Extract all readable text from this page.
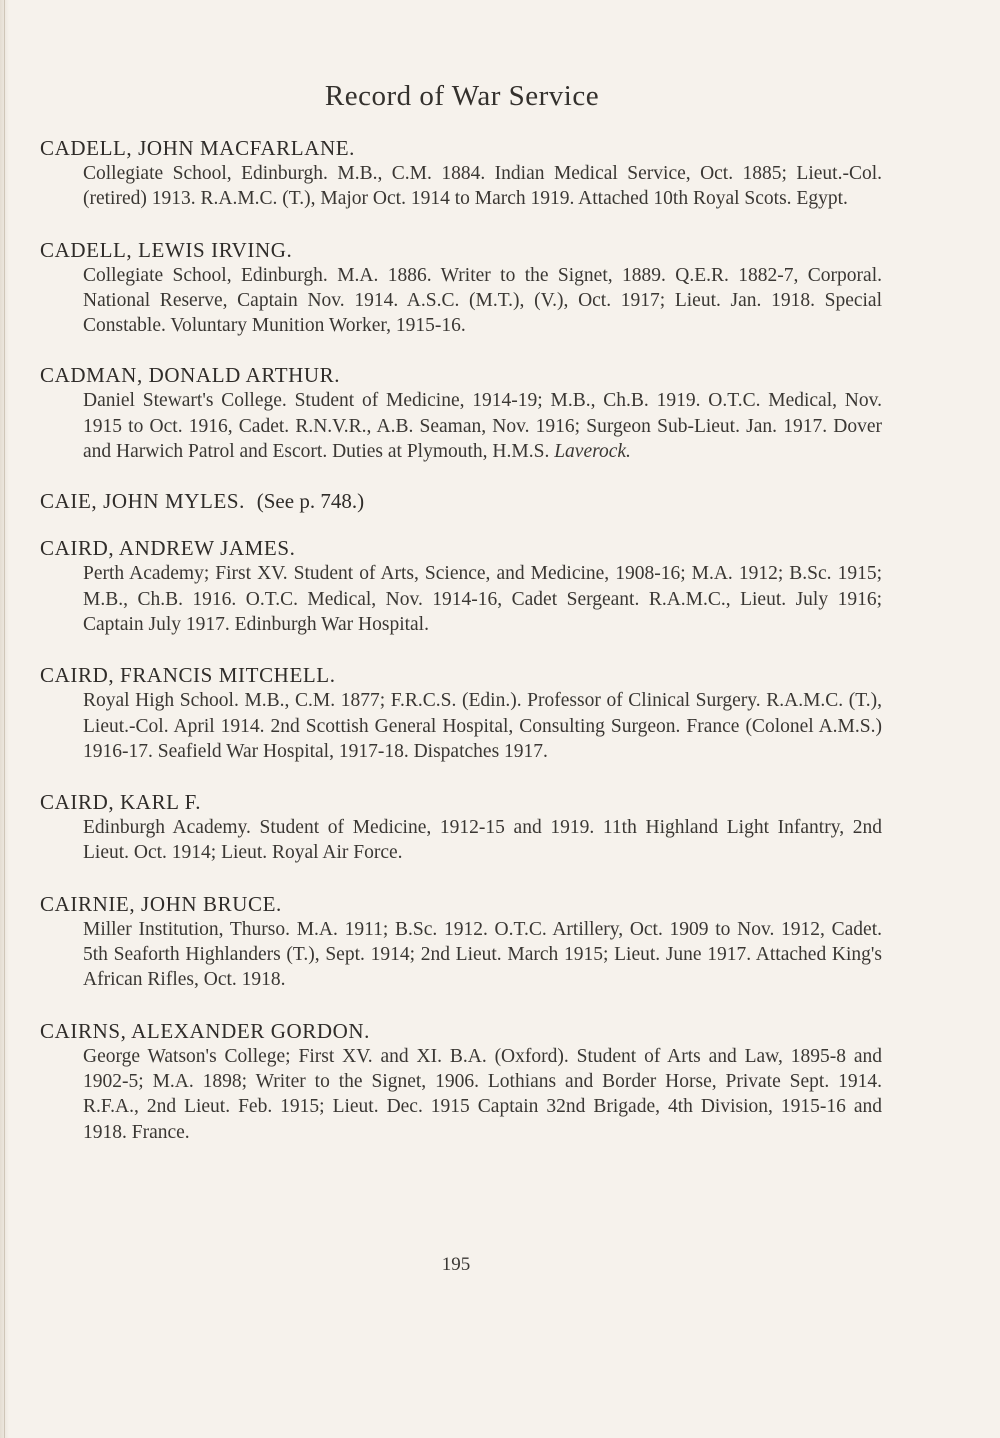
Record of War Service
CADELL, JOHN MACFARLANE.

Collegiate School, Edinburgh. M.B., C.M. 1884. Indian Medical Service, Oct. 1885; Lieut.-Col. (retired) 1913. R.A.M.C. (T.), Major Oct. 1914 to March 1919. Attached 10th Royal Scots. Egypt.

CADELL, LEWIS IRVING.

Collegiate School, Edinburgh. M.A. 1886. Writer to the Signet, 1889. Q.E.R. 1882-7, Corporal. National Reserve, Captain Nov. 1914. A.S.C. (M.T.), (V.), Oct. 1917; Lieut. Jan. 1918. Special Constable. Voluntary Munition Worker, 1915-16.

CADMAN, DONALD ARTHUR.

Daniel Stewart's College. Student of Medicine, 1914-19; M.B., Ch.B. 1919. O.T.C. Medical, Nov. 1915 to Oct. 1916, Cadet. R.N.V.R., A.B. Seaman, Nov. 1916; Surgeon Sub-Lieut. Jan. 1917. Dover and Harwich Patrol and Escort. Duties at Plymouth, H.M.S. Laverock.

CAIE, JOHN MYLES. (See p. 748.)
CAIRD, ANDREW JAMES.

Perth Academy; First XV. Student of Arts, Science, and Medicine, 1908-16; M.A. 1912; B.Sc. 1915; M.B., Ch.B. 1916. O.T.C. Medical, Nov. 1914-16, Cadet Sergeant. R.A.M.C., Lieut. July 1916; Captain July 1917. Edinburgh War Hospital.

CAIRD, FRANCIS MITCHELL.

Royal High School. M.B., C.M. 1877; F.R.C.S. (Edin.). Professor of Clinical Surgery. R.A.M.C. (T.), Lieut.-Col. April 1914. 2nd Scottish General Hospital, Consulting Surgeon. France (Colonel A.M.S.) 1916-17. Seafield War Hospital, 1917-18. Dispatches 1917.

CAIRD, KARL F.

Edinburgh Academy. Student of Medicine, 1912-15 and 1919. 11th Highland Light Infantry, 2nd Lieut. Oct. 1914; Lieut. Royal Air Force.

CAIRNIE, JOHN BRUCE.

Miller Institution, Thurso. M.A. 1911; B.Sc. 1912. O.T.C. Artillery, Oct. 1909 to Nov. 1912, Cadet. 5th Seaforth Highlanders (T.), Sept. 1914; 2nd Lieut. March 1915; Lieut. June 1917. Attached King's African Rifles, Oct. 1918.

CAIRNS, ALEXANDER GORDON.

George Watson's College; First XV. and XI. B.A. (Oxford). Student of Arts and Law, 1895-8 and 1902-5; M.A. 1898; Writer to the Signet, 1906. Lothians and Border Horse, Private Sept. 1914. R.F.A., 2nd Lieut. Feb. 1915; Lieut. Dec. 1915 Captain 32nd Brigade, 4th Division, 1915-16 and 1918. France.

195
